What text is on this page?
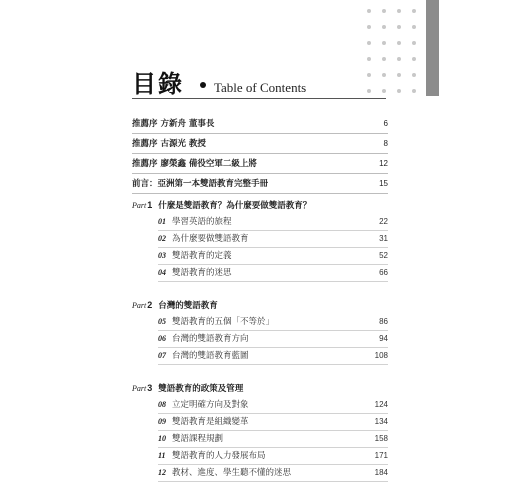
目錄 Table of Contents
推薦序 方新舟 董事長	6
推薦序 古源光 教授	8
推薦序 廖榮鑫 備役空軍二級上將	12
前言：亞洲第一本雙語教育完整手冊	15
Part1 什麼是雙語教育？為什麼要做雙語教育？
01 學習英語的旅程	22
02 為什麼要做雙語教育	31
03 雙語教育的定義	52
04 雙語教育的迷思	66
Part2 台灣的雙語教育
05 雙語教育的五個「不等於」	86
06 台灣的雙語教育方向	94
07 台灣的雙語教育藍圖	108
Part3 雙語教育的政策及管理
08 立定明確方向及對象	124
09 雙語教育是組織變革	134
10 雙語課程規劃	158
11 雙語教育的人力發展布局	171
12 教材、進度、學生聽不懂的迷思	184
